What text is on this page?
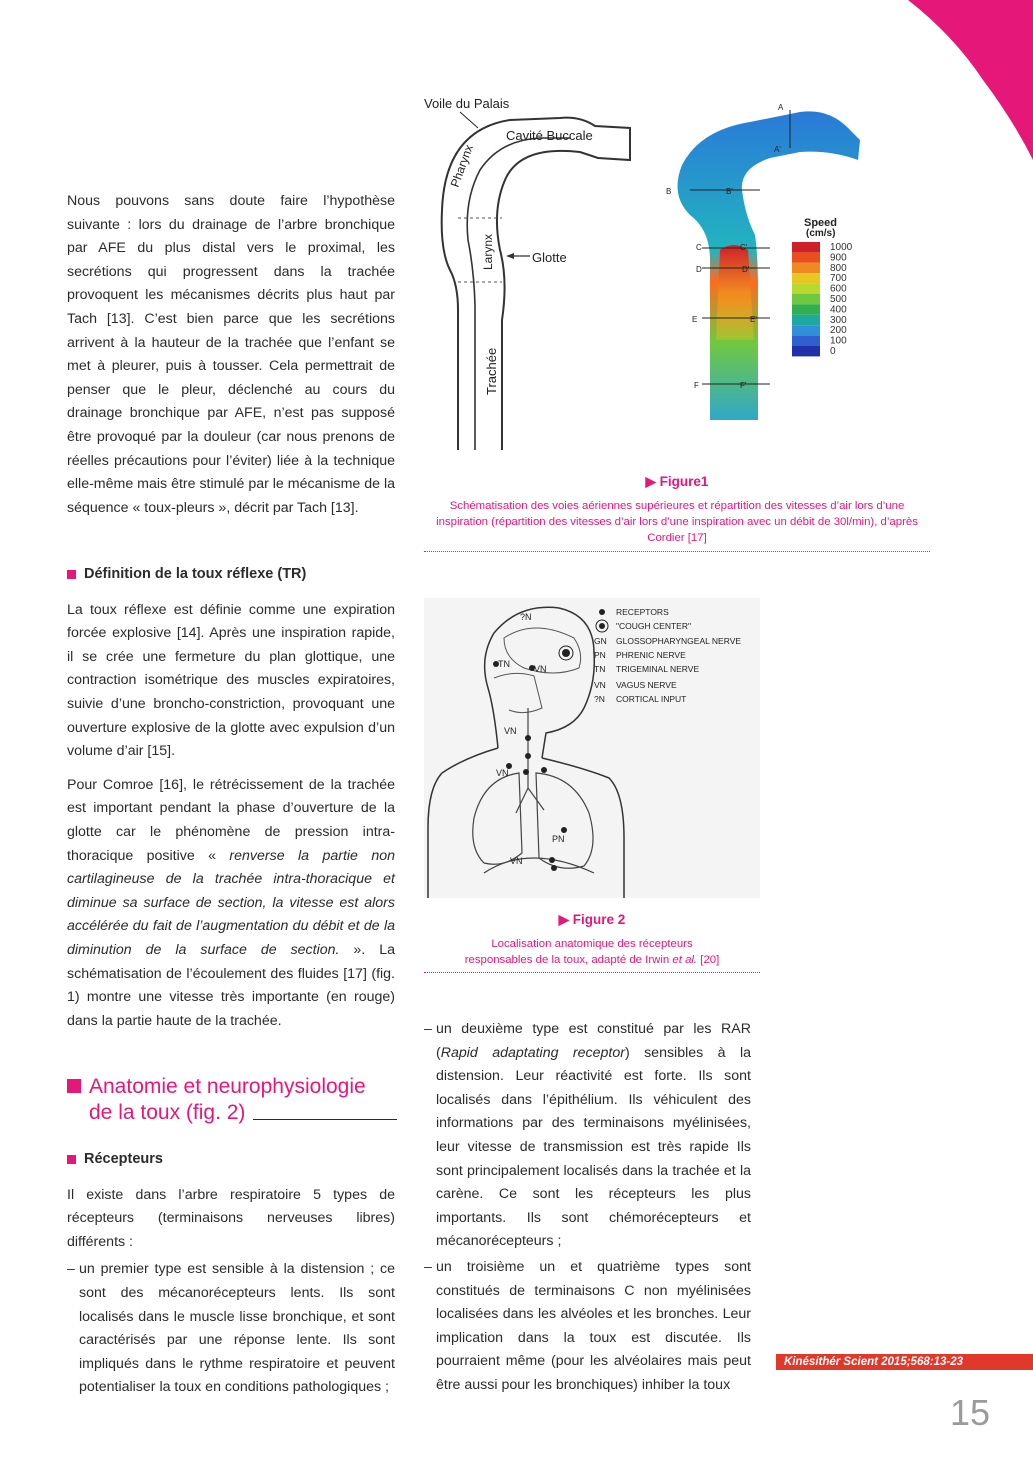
Nous pouvons sans doute faire l’hypothèse suivante : lors du drainage de l’arbre bronchique par AFE du plus distal vers le proximal, les secrétions qui progressent dans la trachée provoquent les mécanismes décrits plus haut par Tach [13]. C’est bien parce que les secrétions arrivent à la hauteur de la trachée que l’enfant se met à pleurer, puis à tousser. Cela permettrait de penser que le pleur, déclenché au cours du drainage bronchique par AFE, n’est pas supposé être provoqué par la douleur (car nous prenons de réelles précautions pour l’éviter) liée à la technique elle-même mais être stimulé par le mécanisme de la séquence « toux-pleurs », décrit par Tach [13].

Définition de la toux réflexe (TR)

La toux réflexe est définie comme une expiration forcée explosive [14]. Après une inspiration rapide, il se crée une fermeture du plan glottique, une contraction isométrique des muscles expiratoires, suivie d’une broncho-constriction, provoquant une ouverture explosive de la glotte avec expulsion d’un volume d’air [15].

Pour Comroe [16], le rétrécissement de la trachée est important pendant la phase d’ouverture de la glotte car le phénomène de pression intra-thoracique positive « renverse la partie non cartilagineuse de la trachée intra-thoracique et diminue sa surface de section, la vitesse est alors accélérée du fait de l’augmentation du débit et de la diminution de la surface de section. ». La schématisation de l’écoulement des fluides [17] (fig. 1) montre une vitesse très importante (en rouge) dans la partie haute de la trachée.

Anatomie et neurophysiologie
de la toux (fig. 2)
Récepteurs

Il existe dans l’arbre respiratoire 5 types de récepteurs (terminaisons nerveuses libres) différents :

– un premier type est sensible à la distension ; ce sont des mécanorécepteurs lents. Ils sont localisés dans le muscle lisse bronchique, et sont caractérisés par une réponse lente. Ils sont impliqués dans le rythme respiratoire et peuvent potentialiser la toux en conditions pathologiques ;

– un deuxième type est constitué par les RAR (Rapid adaptating receptor) sensibles à la distension. Leur réactivité est forte. Ils sont localisés dans l’épithélium. Ils véhiculent des informations par des terminaisons myélinisées, leur vitesse de transmission est très rapide Ils sont principalement localisés dans la trachée et la carène. Ce sont les récepteurs les plus importants. Ils sont chémorécepteurs et mécanorécepteurs ;

– un troisième un et quatrième types sont constitués de terminaisons C non myélinisées localisées dans les alvéoles et les bronches. Leur implication dans la toux est discutée. Ils pourraient même (pour les alvéolaires mais peut être aussi pour les bronchiques) inhiber la toux

Voile du Palais
Cavité Buccale
Pharynx
Larynx	Glotte
Trachée
A
A'
B	B'
C	C'
D	D'
E	E'
F	F'
Speed
(cm/s)
1000
900
800
700
600
500
400
300
200
100
0
▶ Figure1
Schématisation des voies aériennes supérieures et répartition des vitesses d’air lors d’une inspiration (répartition des vitesses d’air lors d’une inspiration avec un débit de 30l/min), d’après Cordier [17]
?N
TN	VN
VN
VN
PN
VN
RECEPTORS
"COUGH CENTER"
GN GLOSSOPHARYNGEAL NERVE
PN PHRENIC NERVE
TN TRIGEMINAL NERVE
VN VAGUS NERVE
?N CORTICAL INPUT
▶ Figure 2
Localisation anatomique des récepteurs
responsables de la toux, adapté de Irwin et al. [20]
Kinésithér Scient 2015;568:13-23
15
